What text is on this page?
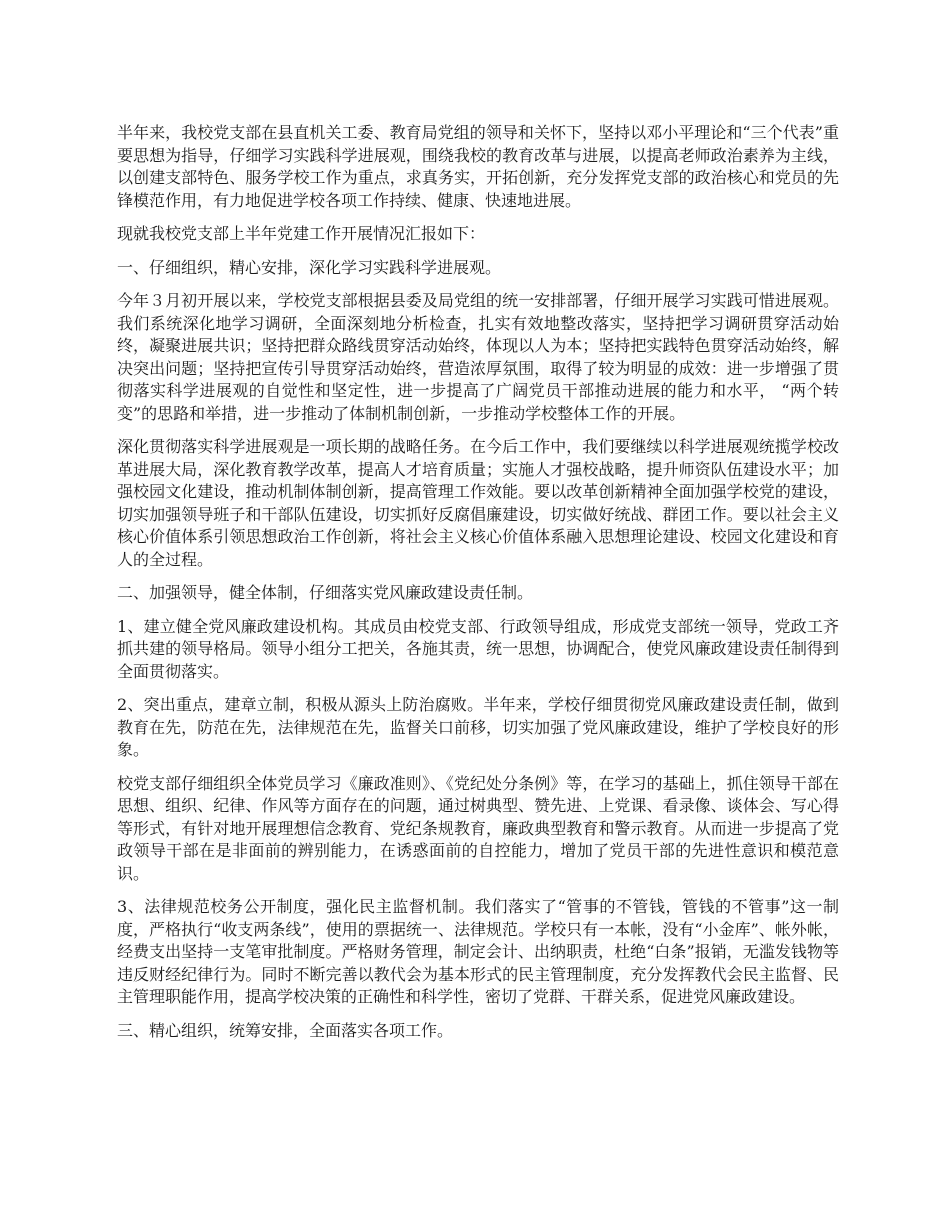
半年来，我校党支部在县直机关工委、教育局党组的领导和关怀下，坚持以邓小平理论和“三个代表”重要思想为指导，仔细学习实践科学进展观，围绕我校的教育改革与进展，以提高老师政治素养为主线，以创建支部特色、服务学校工作为重点，求真务实，开拓创新，充分发挥党支部的政治核心和党员的先锋模范作用，有力地促进学校各项工作持续、健康、快速地进展。

现就我校党支部上半年党建工作开展情况汇报如下：

一、仔细组织，精心安排，深化学习实践科学进展观。

今年３月初开展以来，学校党支部根据县委及局党组的统一安排部署，仔细开展学习实践可惜进展观。我们系统深化地学习调研，全面深刻地分析检查，扎实有效地整改落实，坚持把学习调研贯穿活动始终，凝聚进展共识；坚持把群众路线贯穿活动始终，体现以人为本；坚持把实践特色贯穿活动始终，解决突出问题；坚持把宣传引导贯穿活动始终，营造浓厚氛围，取得了较为明显的成效：进一步增强了贯彻落实科学进展观的自觉性和坚定性，进一步提高了广阔党员干部推动进展的能力和水平， “两个转变”的思路和举措，进一步推动了体制机制创新，一步推动学校整体工作的开展。

深化贯彻落实科学进展观是一项长期的战略任务。在今后工作中，我们要继续以科学进展观统揽学校改革进展大局，深化教育教学改革，提高人才培育质量；实施人才强校战略，提升师资队伍建设水平；加强校园文化建设，推动机制体制创新，提高管理工作效能。要以改革创新精神全面加强学校党的建设，切实加强领导班子和干部队伍建设，切实抓好反腐倡廉建设，切实做好统战、群团工作。要以社会主义核心价值体系引领思想政治工作创新，将社会主义核心价值体系融入思想理论建设、校园文化建设和育人的全过程。

二、加强领导，健全体制，仔细落实党风廉政建设责任制。

1、建立健全党风廉政建设机构。其成员由校党支部、行政领导组成，形成党支部统一领导，党政工齐抓共建的领导格局。领导小组分工把关，各施其责，统一思想，协调配合，使党风廉政建设责任制得到全面贯彻落实。

2、突出重点，建章立制，积极从源头上防治腐败。半年来，学校仔细贯彻党风廉政建设责任制，做到教育在先，防范在先，法律规范在先，监督关口前移，切实加强了党风廉政建设，维护了学校良好的形象。

校党支部仔细组织全体党员学习《廉政准则》、《党纪处分条例》等，在学习的基础上，抓住领导干部在思想、组织、纪律、作风等方面存在的问题，通过树典型、赞先进、上党课、看录像、谈体会、写心得等形式，有针对地开展理想信念教育、党纪条规教育，廉政典型教育和警示教育。从而进一步提高了党政领导干部在是非面前的辨别能力，在诱惑面前的自控能力，增加了党员干部的先进性意识和模范意识。

3、法律规范校务公开制度，强化民主监督机制。我们落实了“管事的不管钱，管钱的不管事”这一制度，严格执行“收支两条线”，使用的票据统一、法律规范。学校只有一本帐，没有“小金库”、帐外帐，经费支出坚持一支笔审批制度。严格财务管理，制定会计、出纳职责，杜绝“白条”报销，无滥发钱物等违反财经纪律行为。同时不断完善以教代会为基本形式的民主管理制度，充分发挥教代会民主监督、民主管理职能作用，提高学校决策的正确性和科学性，密切了党群、干群关系，促进党风廉政建设。

三、精心组织，统筹安排，全面落实各项工作。
